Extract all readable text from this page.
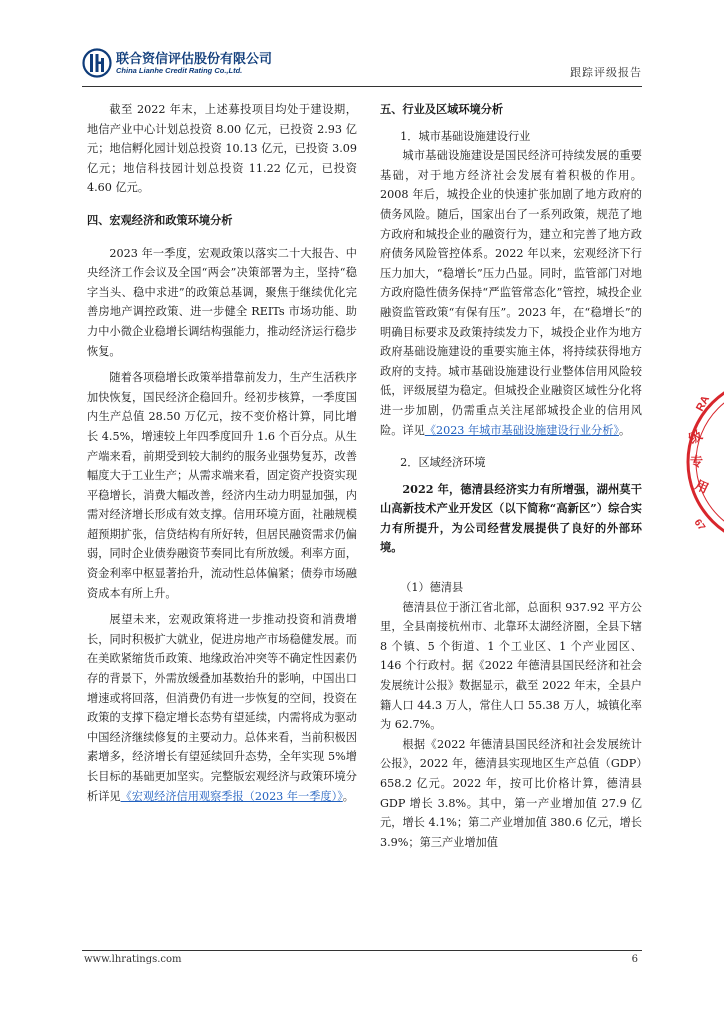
联合资信评估股份有限公司
China Lianhe Credit Rating Co.,Ltd.	跟踪评级报告

截至 2022 年末，上述募投项目均处于建设期，地信产业中心计划总投资 8.00 亿元，已投资 2.93 亿元；地信孵化园计划总投资 10.13 亿元，已投资 3.09 亿元；地信科技园计划总投资 11.22 亿元，已投资 4.60 亿元。

四、宏观经济和政策环境分析

2023 年一季度，宏观政策以落实二十大报告、中央经济工作会议及全国“两会”决策部署为主，坚持“稳字当头、稳中求进”的政策总基调，聚焦于继续优化完善房地产调控政策、进一步健全 REITs 市场功能、助力中小微企业稳增长调结构强能力，推动经济运行稳步恢复。

随着各项稳增长政策举措靠前发力，生产生活秩序加快恢复，国民经济企稳回升。经初步核算，一季度国内生产总值 28.50 万亿元，按不变价格计算，同比增长 4.5%，增速较上年四季度回升 1.6 个百分点。从生产端来看，前期受到较大制约的服务业强势复苏，改善幅度大于工业生产；从需求端来看，固定资产投资实现平稳增长，消费大幅改善，经济内生动力明显加强，内需对经济增长形成有效支撑。信用环境方面，社融规模超预期扩张，信贷结构有所好转，但居民融资需求仍偏弱，同时企业债券融资节奏同比有所放缓。利率方面，资金利率中枢显著抬升，流动性总体偏紧；债券市场融资成本有所上升。

展望未来，宏观政策将进一步推动投资和消费增长，同时积极扩大就业，促进房地产市场稳健发展。而在美欧紧缩货币政策、地缘政治冲突等不确定性因素仍存的背景下，外需放缓叠加基数抬升的影响，中国出口增速或将回落，但消费仍有进一步恢复的空间，投资在政策的支撑下稳定增长态势有望延续，内需将成为驱动中国经济继续修复的主要动力。总体来看，当前积极因素增多，经济增长有望延续回升态势，全年实现 5%增长目标的基础更加坚实。完整版宏观经济与政策环境分析详见《宏观经济信用观察季报（2023 年一季度）》。

五、行业及区域环境分析
1．城市基础设施建设行业

城市基础设施建设是国民经济可持续发展的重要基础，对于地方经济社会发展有着积极的作用。2008 年后，城投企业的快速扩张加剧了地方政府的债务风险。随后，国家出台了一系列政策，规范了地方政府和城投企业的融资行为，建立和完善了地方政府债务风险管控体系。2022 年以来，宏观经济下行压力加大，“稳增长”压力凸显。同时，监管部门对地方政府隐性债务保持“严监管常态化”管控，城投企业融资监管政策“有保有压”。2023 年，在“稳增长”的明确目标要求及政策持续发力下，城投企业作为地方政府基础设施建设的重要实施主体，将持续获得地方政府的支持。城市基础设施建设行业整体信用风险较低，评级展望为稳定。但城投企业融资区域性分化将进一步加剧，仍需重点关注尾部城投企业的信用风险。详见《2023 年城市基础设施建设行业分析》。

2．区域经济环境

2022 年，德清县经济实力有所增强，湖州莫干山高新技术产业开发区（以下简称“高新区”）综合实力有所提升，为公司经营发展提供了良好的外部环境。

（1）德清县

德清县位于浙江省北部，总面积 937.92 平方公里，全县南接杭州市、北靠环太湖经济圈，全县下辖 8 个镇、5 个街道、1 个工业区、1 个产业园区、146 个行政村。据《2022 年德清县国民经济和社会发展统计公报》数据显示，截至 2022 年末，全县户籍人口 44.3 万人，常住人口 55.38 万人，城镇化率为 62.7%。

根据《2022 年德清县国民经济和社会发展统计公报》，2022 年，德清县实现地区生产总值（GDP）658.2 亿元。2022 年，按可比价格计算，德清县 GDP 增长 3.8%。其中，第一产业增加值 27.9 亿元，增长 4.1%；第二产业增加值 380.6 亿元，增长 3.9%；第三产业增加值

RA
级
专
用
67
www.lhratings.com	6
